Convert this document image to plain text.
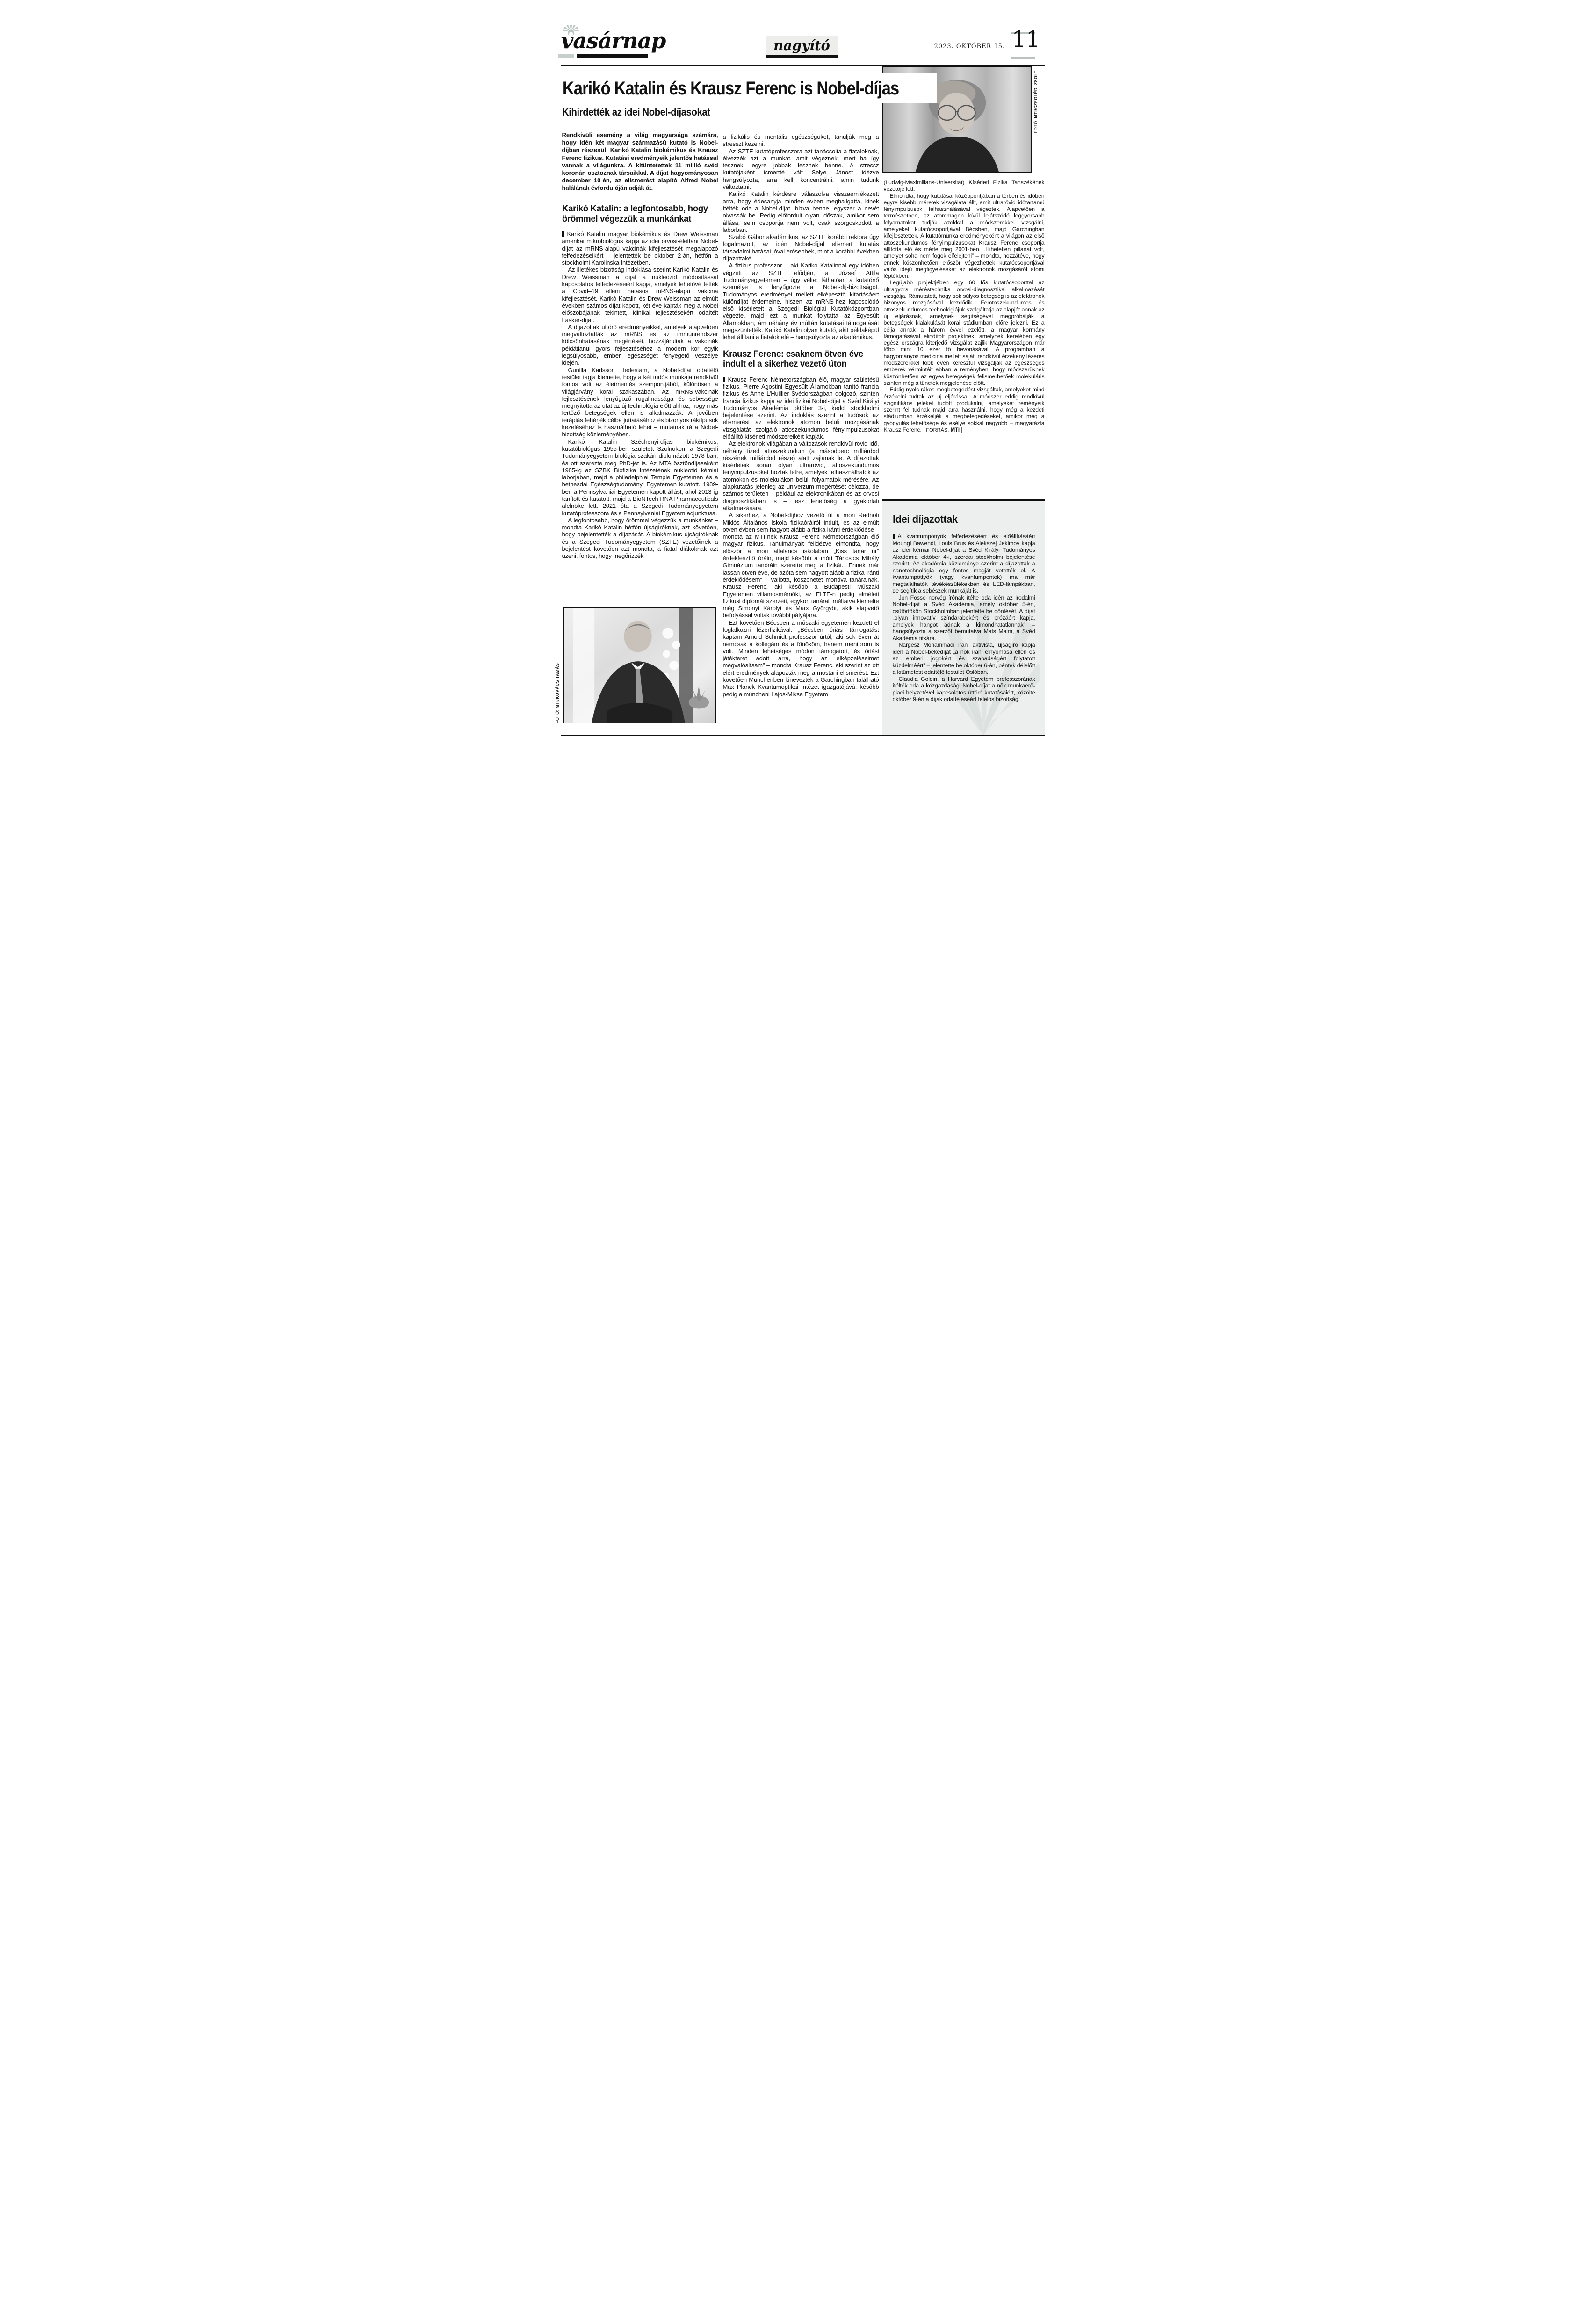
vasárnap	nagyító	2023. OKTÓBER 15. 11
FOTÓ: MTI/CZEGLÉDI ZSOLT
Karikó Katalin és Krausz Ferenc is Nobel-díjas
Kihirdették az idei Nobel-díjasokat
Rendkívüli esemény a világ magyarsága számára, hogy idén két magyar származású kutató is Nobel-díjban részesül: Karikó Katalin biokémikus és Krausz Ferenc fizikus. Kutatási eredményeik jelentős hatással vannak a világunkra. A kitüntetettek 11 millió svéd koronán osztoznak társaikkal. A díjat hagyományosan december 10-én, az elismerést alapító Alfred Nobel halálának évfordulóján adják át.
Karikó Katalin: a legfontosabb, hogy örömmel végezzük a munkánkat

Karikó Katalin magyar biokémikus és Drew Weissman amerikai mikrobiológus kapja az idei orvosi-élettani Nobel-díjat az mRNS-alapú vakcinák kifejlesztését megalapozó felfedezéseikért – jelentették be október 2-án, hétfőn a stockholmi Karolinska Intézetben.

Az illetékes bizottság indoklása szerint Karikó Katalin és Drew Weissman a díjat a nukleozid módosítással kapcsolatos felfedezéseiért kapja, amelyek lehetővé tették a Covid–19 elleni hatásos mRNS-alapú vakcina kifejlesztését. Karikó Katalin és Drew Weissman az elmúlt években számos díjat kapott, két éve kapták meg a Nobel előszobájának tekintett, klinikai fejlesztésekért odaítélt Lasker-díjat.

A díjazottak úttörő eredményeikkel, amelyek alapvetően megváltoztatták az mRNS és az immunrendszer kölcsönhatásának megértését, hozzájárultak a vakcinák példátlanul gyors fejlesztéséhez a modern kor egyik legsúlyosabb, emberi egészséget fenyegető veszélye idején.

Gunilla Karlsson Hedestam, a Nobel-díjat odaítélő testület tagja kiemelte, hogy a két tudós munkája rendkívül fontos volt az életmentés szempontjából, különösen a világjárvány korai szakaszában. Az mRNS-vakcinák fejlesztésének lenyűgöző rugalmassága és sebessége megnyitotta az utat az új technológia előtt ahhoz, hogy más fertőző betegségek ellen is alkalmazzák. A jövőben terápiás fehérjék célba juttatásához és bizonyos ráktípusok kezeléséhez is használható lehet – mutatnak rá a Nobel-bizottság közleményében.

Karikó Katalin Széchenyi-díjas biokémikus, kutatóbiológus 1955-ben született Szolnokon, a Szegedi Tudományegyetem biológia szakán diplomázott 1978-ban, és ott szerezte meg PhD-jét is. Az MTA ösztöndíjasaként 1985-ig az SZBK Biofizika Intézetének nukleotid kémiai laborjában, majd a philadelphiai Temple Egyetemen és a bethesdai Egészségtudományi Egyetemen kutatott. 1989-ben a Pennsylvaniai Egyetemen kapott állást, ahol 2013-ig tanított és kutatott, majd a BioNTech RNA Pharmaceuticals alelnöke lett. 2021 óta a Szegedi Tudományegyetem kutatóprofesszora és a Pennsylvaniai Egyetem adjunktusa.

A legfontosabb, hogy örömmel végezzük a munkánkat – mondta Karikó Katalin hétfőn újságíróknak, azt követően, hogy bejelentették a díjazását. A biokémikus újságíróknak és a Szegedi Tudományegyetem (SZTE) vezetőinek a bejelentést követően azt mondta, a fiatal diákoknak azt üzeni, fontos, hogy megőrizzék

FOTÓ: MTI/KOVÁCS TAMÁS

a fizikális és mentális egészségüket, tanulják meg a stresszt kezelni.

Az SZTE kutatóprofesszora azt tanácsolta a fiataloknak, élvezzék azt a munkát, amit végeznek, mert ha így tesznek, egyre jobbak lesznek benne. A stressz kutatójaként ismertté vált Selye Jánost idézve hangsúlyozta, arra kell koncentrálni, amin tudunk változtatni.

Karikó Katalin kérdésre válaszolva visszaemlékezett arra, hogy édesanyja minden évben meghallgatta, kinek ítélték oda a Nobel-díjat, bízva benne, egyszer a nevét olvassák be. Pedig előfordult olyan időszak, amikor sem állása, sem csoportja nem volt, csak szorgoskodott a laborban.

Szabó Gábor akadémikus, az SZTE korábbi rektora úgy fogalmazott, az idén Nobel-díjjal elismert kutatás társadalmi hatásai jóval erősebbek, mint a korábbi években díjazottaké.

A fizikus professzor – aki Karikó Katalinnal egy időben végzett az SZTE elődjén, a József Attila Tudományegyetemen – úgy vélte: láthatóan a kutatónő személye is lenyűgözte a Nobel-díj-bizottságot. Tudományos eredményei mellett elképesztő kitartásáért különdíjat érdemelne, hiszen az mRNS-hez kapcsolódó első kísérleteit a Szegedi Biológiai Kutatóközpontban végezte, majd ezt a munkát folytatta az Egyesült Államokban, ám néhány év múltán kutatásai támogatását megszüntették. Karikó Katalin olyan kutató, akit példaképül lehet állítani a fiatalok elé – hangsúlyozta az akadémikus.

Krausz Ferenc: csaknem ötven éve indult el a sikerhez vezető úton

Krausz Ferenc Németországban élő, magyar születésű fizikus, Pierre Agostini Egyesült Államokban tanító francia fizikus és Anne L’Huillier Svédországban dolgozó, szintén francia fizikus kapja az idei fizikai Nobel-díjat a Svéd Királyi Tudományos Akadémia október 3-i, keddi stockholmi bejelentése szerint. Az indoklás szerint a tudósok az elismerést az elektronok atomon belüli mozgásának vizsgálatát szolgáló attoszekundumos fényimpulzusokat előállító kísérleti módszereikért kapják.

Az elektronok világában a változások rendkívül rövid idő, néhány tized attoszekundum (a másodperc milliárdod részének milliárdod része) alatt zajlanak le. A díjazottak kísérleteik során olyan ultrarövid, attoszekundumos fényimpulzusokat hoztak létre, amelyek felhasználhatók az atomokon és molekulákon belüli folyamatok mérésére. Az alapkutatás jelenleg az univerzum megértését célozza, de számos területen – például az elektronikában és az orvosi diagnosztikában is – lesz lehetőség a gyakorlati alkalmazására.

A sikerhez, a Nobel-díjhoz vezető út a móri Radnóti Miklós Általános Iskola fizikaóráiról indult, és az elmúlt ötven évben sem hagyott alább a fizika iránti érdeklődése – mondta az MTI-nek Krausz Ferenc Németországban élő magyar fizikus. Tanulmányait felidézve elmondta, hogy először a móri általános iskolában „Kiss tanár úr” érdekfeszítő óráin, majd később a móri Táncsics Mihály Gimnázium tanóráin szerette meg a fizikát. „Ennek már lassan ötven éve, de azóta sem hagyott alább a fizika iránti érdeklődésem” – vallotta, köszönetet mondva tanárainak. Krausz Ferenc, aki később a Budapesti Műszaki Egyetemen villamosmérnöki, az ELTE-n pedig elméleti fizikusi diplomát szerzett, egykori tanárait méltatva kiemelte még Simonyi Károlyt és Marx Györgyöt, akik alapvető befolyással voltak további pályájára.

Ezt követően Bécsben a műszaki egyetemen kezdett el foglalkozni lézerfizikával. „Bécsben óriási támogatást kaptam Arnold Schmidt professzor úrtól, aki sok éven át nemcsak a kollégám és a főnököm, hanem mentorom is volt. Minden lehetséges módon támogatott, és óriási játékteret adott arra, hogy az elképzeléseimet megvalósítsam” – mondta Krausz Ferenc, aki szerint az ott elért eredmények alapozták meg a mostani elismerést. Ezt követően Münchenben kinevezték a Garchingban található Max Planck Kvantumoptikai Intézet igazgatójává, később pedig a müncheni Lajos-Miksa Egyetem

(Ludwig-Maximilians-Universität) Kísérleti Fizika Tanszékének vezetője lett.

Elmondta, hogy kutatásai középpontjában a térben és időben egyre kisebb méretek vizsgálata állt, amit ultrarövid időtartamú fényimpulzusok felhasználásával végeztek. Alapvetően a természetben, az atommagon kívül lejátszódó leggyorsabb folyamatokat tudják azokkal a módszerekkel vizsgálni, amelyeket kutatócsoportjával Bécsben, majd Garchingban kifejlesztettek. A kutatómunka eredményeként a világon az első attoszekundumos fényimpulzusokat Krausz Ferenc csoportja állította elő és mérte meg 2001-ben. „Hihetetlen pillanat volt, amelyet soha nem fogok elfelejteni” – mondta, hozzátéve, hogy ennek köszönhetően először végezhettek kutatócsoportjával valós idejű megfigyeléseket az elektronok mozgásáról atomi léptékben.

Legújabb projektjében egy 60 fős kutatócsoporttal az ultragyors méréstechnika orvosi-diagnosztikai alkalmazását vizsgálja. Rámutatott, hogy sok súlyos betegség is az elektronok bizonyos mozgásával kezdődik. Femtoszekundumos és attoszekundumos technológiájuk szolgáltatja az alapját annak az új eljárásnak, amelynek segítségével megpróbálják a betegségek kialakulását korai stádiumban előre jelezni. Ez a célja annak a három évvel ezelőtt, a magyar kormány támogatásával elindított projektnek, amelynek keretében egy egész országra kiterjedő vizsgálat zajlik Magyarországon már több mint 10 ezer fő bevonásával. A programban a hagyományos medicina mellett saját, rendkívül érzékeny lézeres módszereikkel több éven keresztül vizsgálják az egészséges emberek vérmintáit abban a reményben, hogy módszerüknek köszönhetően az egyes betegségek felismerhetőek molekuláris szinten még a tünetek megjelenése előtt.

Eddig nyolc rákos megbetegedést vizsgáltak, amelyeket mind érzékelni tudtak az új eljárással. A módszer eddig rendkívül szignifikáns jeleket tudott produkálni, amelyeket reményeik szerint fel tudnak majd arra használni, hogy még a kezdeti stádiumban érzékeljék a megbetegedéseket, amikor még a gyógyulás lehetősége és esélye sokkal nagyobb – magyarázta Krausz Ferenc. | FORRÁS: MTI |

Idei díjazottak

A kvantumpöttyök felfedezéséért és előállításáért Moungi Bawendi, Louis Brus és Alekszej Jekimov kapja az idei kémiai Nobel-díjat a Svéd Királyi Tudományos Akadémia október 4-i, szerdai stockholmi bejelentése szerint. Az akadémia közleménye szerint a díjazottak a nanotechnológia egy fontos magját vetették el. A kvantumpöttyök (vagy kvantumpontok) ma már megtalálhatók tévékészülékekben és LED-lámpákban, de segítik a sebészek munkáját is.

Jon Fosse norvég írónak ítélte oda idén az irodalmi Nobel-díjat a Svéd Akadémia, amely október 5-én, csütörtökön Stockholmban jelentette be döntését. A díjat „olyan innovatív színdarabokért és prózáért kapja, amelyek hangot adnak a kimondhatatlannak” – hangsúlyozta a szerzőt bemutatva Mats Malm, a Svéd Akadémia titkára.

Nargesz Mohammadi iráni aktivista, újságíró kapja idén a Nobel-békedíjat „a nők iráni elnyomása ellen és az emberi jogokért és szabadságért folytatott küzdelméért” – jelentette be október 6-án, péntek délelőtt a kitüntetést odaítélő testület Oslóban.

Claudia Goldin, a Harvard Egyetem professzorának ítélték oda a közgazdasági Nobel-díjat a nők munkaerő-piaci helyzetével kapcsolatos úttörő kutatásaiért, közölte október 9-én a díjak odaítéléséért felelős bizottság.
